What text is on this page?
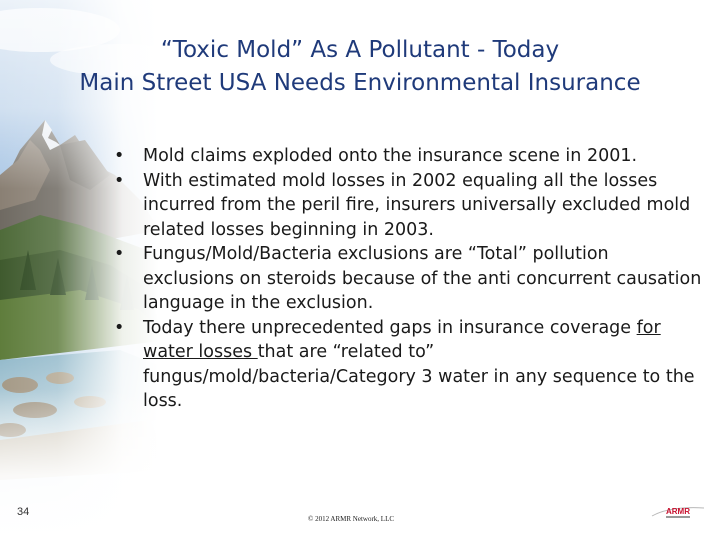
“Toxic Mold” As A Pollutant - Today
Main Street USA Needs Environmental Insurance
• Mold claims exploded onto the insurance scene in 2001.
• With estimated mold losses in 2002 equaling all the losses incurred from the peril fire, insurers universally excluded mold related losses beginning in 2003.
• Fungus/Mold/Bacteria exclusions are “Total” pollution exclusions on steroids because of the anti concurrent causation language in the exclusion.
• Today there unprecedented gaps in insurance coverage for water losses that are “related to” fungus/mold/bacteria/Category 3 water in any sequence to the loss.
34
© 2012 ARMR Network, LLC
ARMR
